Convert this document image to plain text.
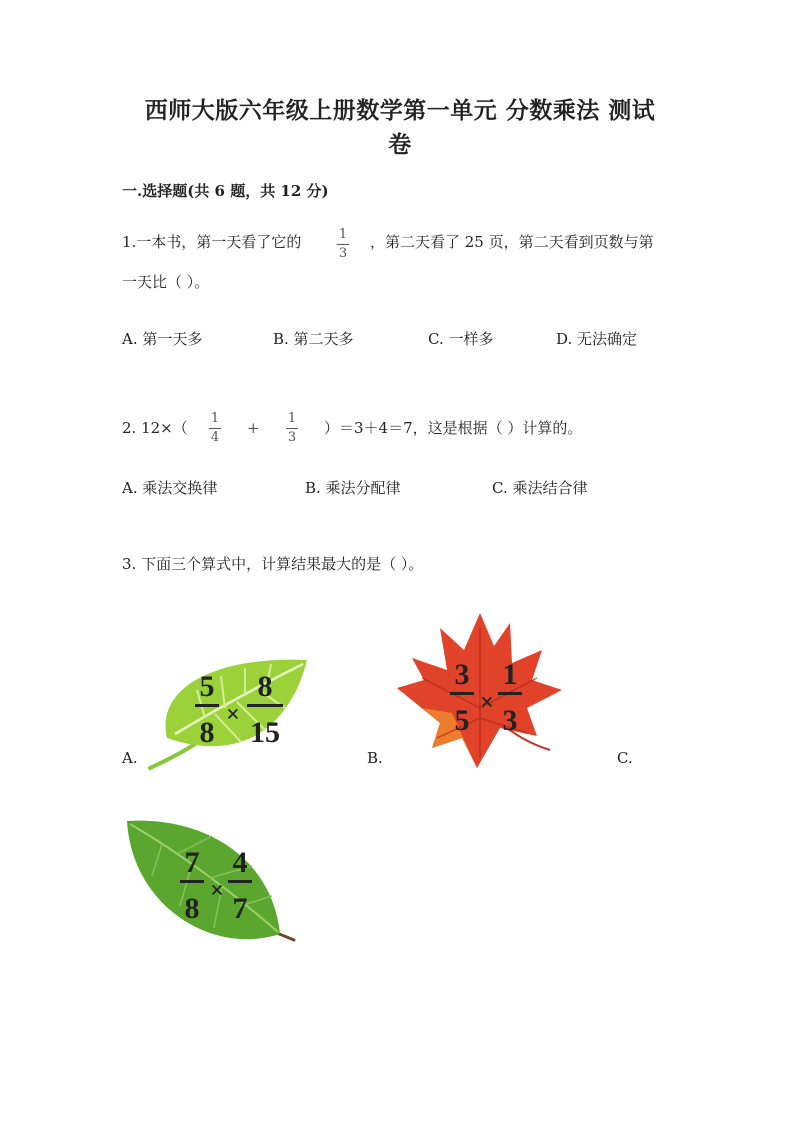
西师大版六年级上册数学第一单元 分数乘法 测试
卷
一.选择题(共 6 题，共 12 分)
1.一本书，第一天看了它的	1
3
，第二天看了 25 页，第二天看到页数与第
一天比（ ）。
A. 第一天多	B. 第二天多	C. 一样多	D. 无法确定
2. 12×（
1
4
+
1
3
）＝3＋4＝7，这是根据（ ）计算的。
A. 乘法交换律	B. 乘法分配律	C. 乘法结合律
3. 下面三个算式中，计算结果最大的是（ ）。
A.	B.	C.
5
8
×
8
15
3
5
×
1
3
7
8
×
4
7
